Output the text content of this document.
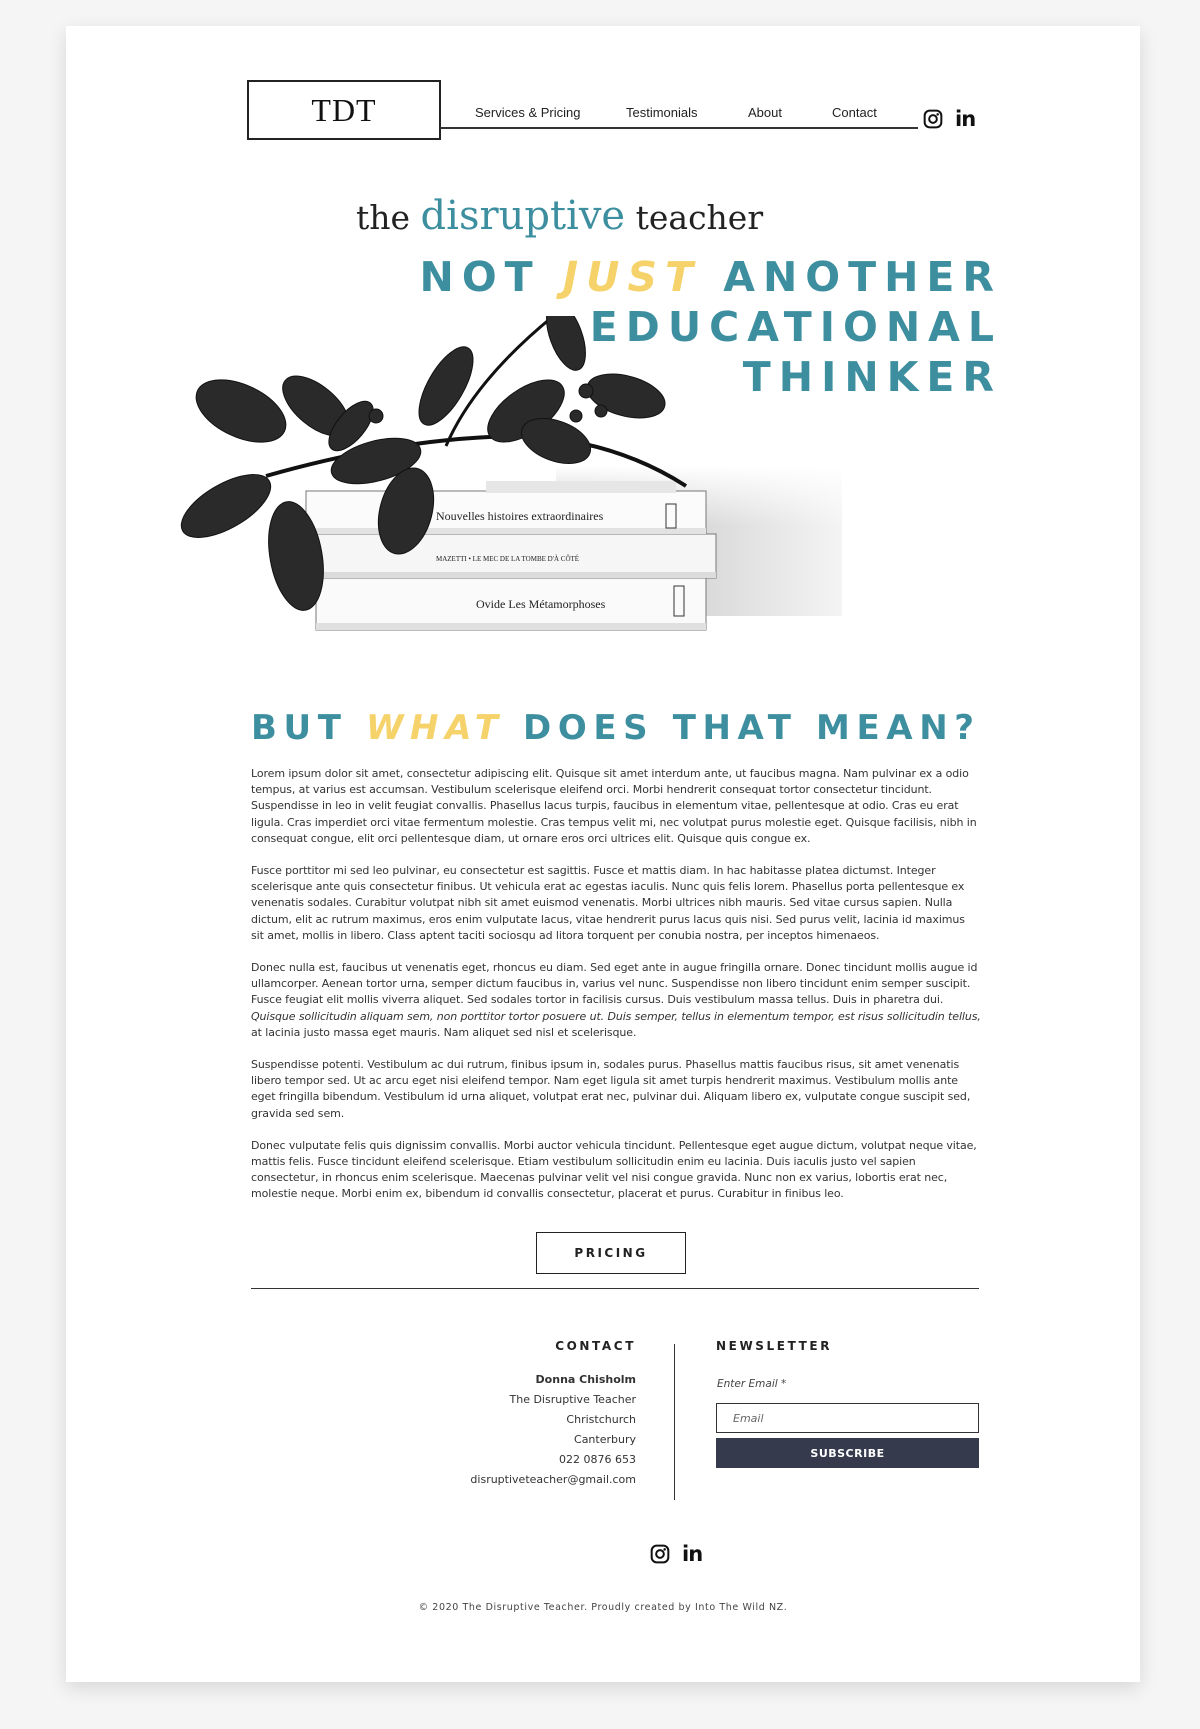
TDT	Services & Pricing	Testimonials	About	Contact	in
the disruptive teacher
NOT JUST ANOTHER
EDUCATIONAL
THINKER
Nouvelles histoires extraordinaires
MAZETTI • LE MEC DE LA TOMBE D'À CÔTÉ
Ovide Les Métamorphoses
BUT WHAT DOES THAT MEAN?

Lorem ipsum dolor sit amet, consectetur adipiscing elit. Quisque sit amet interdum ante, ut faucibus magna. Nam pulvinar ex a odio tempus, at varius est accumsan. Vestibulum scelerisque eleifend orci. Morbi hendrerit consequat tortor consectetur tincidunt. Suspendisse in leo in velit feugiat convallis. Phasellus lacus turpis, faucibus in elementum vitae, pellentesque at odio. Cras eu erat ligula. Cras imperdiet orci vitae fermentum molestie. Cras tempus velit mi, nec volutpat purus molestie eget. Quisque facilisis, nibh in consequat congue, elit orci pellentesque diam, ut ornare eros orci ultrices elit. Quisque quis congue ex.

Fusce porttitor mi sed leo pulvinar, eu consectetur est sagittis. Fusce et mattis diam. In hac habitasse platea dictumst. Integer scelerisque ante quis consectetur finibus. Ut vehicula erat ac egestas iaculis. Nunc quis felis lorem. Phasellus porta pellentesque ex venenatis sodales. Curabitur volutpat nibh sit amet euismod venenatis. Morbi ultrices nibh mauris. Sed vitae cursus sapien. Nulla dictum, elit ac rutrum maximus, eros enim vulputate lacus, vitae hendrerit purus lacus quis nisi. Sed purus velit, lacinia id maximus sit amet, mollis in libero. Class aptent taciti sociosqu ad litora torquent per conubia nostra, per inceptos himenaeos.

Donec nulla est, faucibus ut venenatis eget, rhoncus eu diam. Sed eget ante in augue fringilla ornare. Donec tincidunt mollis augue id ullamcorper. Aenean tortor urna, semper dictum faucibus in, varius vel nunc. Suspendisse non libero tincidunt enim semper suscipit. Fusce feugiat elit mollis viverra aliquet. Sed sodales tortor in facilisis cursus. Duis vestibulum massa tellus. Duis in pharetra dui. Quisque sollicitudin aliquam sem, non porttitor tortor posuere ut. Duis semper, tellus in elementum tempor, est risus sollicitudin tellus, at lacinia justo massa eget mauris. Nam aliquet sed nisl et scelerisque.

Suspendisse potenti. Vestibulum ac dui rutrum, finibus ipsum in, sodales purus. Phasellus mattis faucibus risus, sit amet venenatis libero tempor sed. Ut ac arcu eget nisi eleifend tempor. Nam eget ligula sit amet turpis hendrerit maximus. Vestibulum mollis ante eget fringilla bibendum. Vestibulum id urna aliquet, volutpat erat nec, pulvinar dui. Aliquam libero ex, vulputate congue suscipit sed, gravida sed sem.

Donec vulputate felis quis dignissim convallis. Morbi auctor vehicula tincidunt. Pellentesque eget augue dictum, volutpat neque vitae, mattis felis. Fusce tincidunt eleifend scelerisque. Etiam vestibulum sollicitudin enim eu lacinia. Duis iaculis justo vel sapien consectetur, in rhoncus enim scelerisque. Maecenas pulvinar velit vel nisi congue gravida. Nunc non ex varius, lobortis erat nec, molestie neque. Morbi enim ex, bibendum id convallis consectetur, placerat et purus. Curabitur in finibus leo.

PRICING
CONTACT
Donna Chisholm
The Disruptive Teacher
Christchurch
Canterbury
022 0876 653
disruptiveteacher@gmail.com
NEWSLETTER
Enter Email *
Email
SUBSCRIBE
in
© 2020 The Disruptive Teacher. Proudly created by Into The Wild NZ.
